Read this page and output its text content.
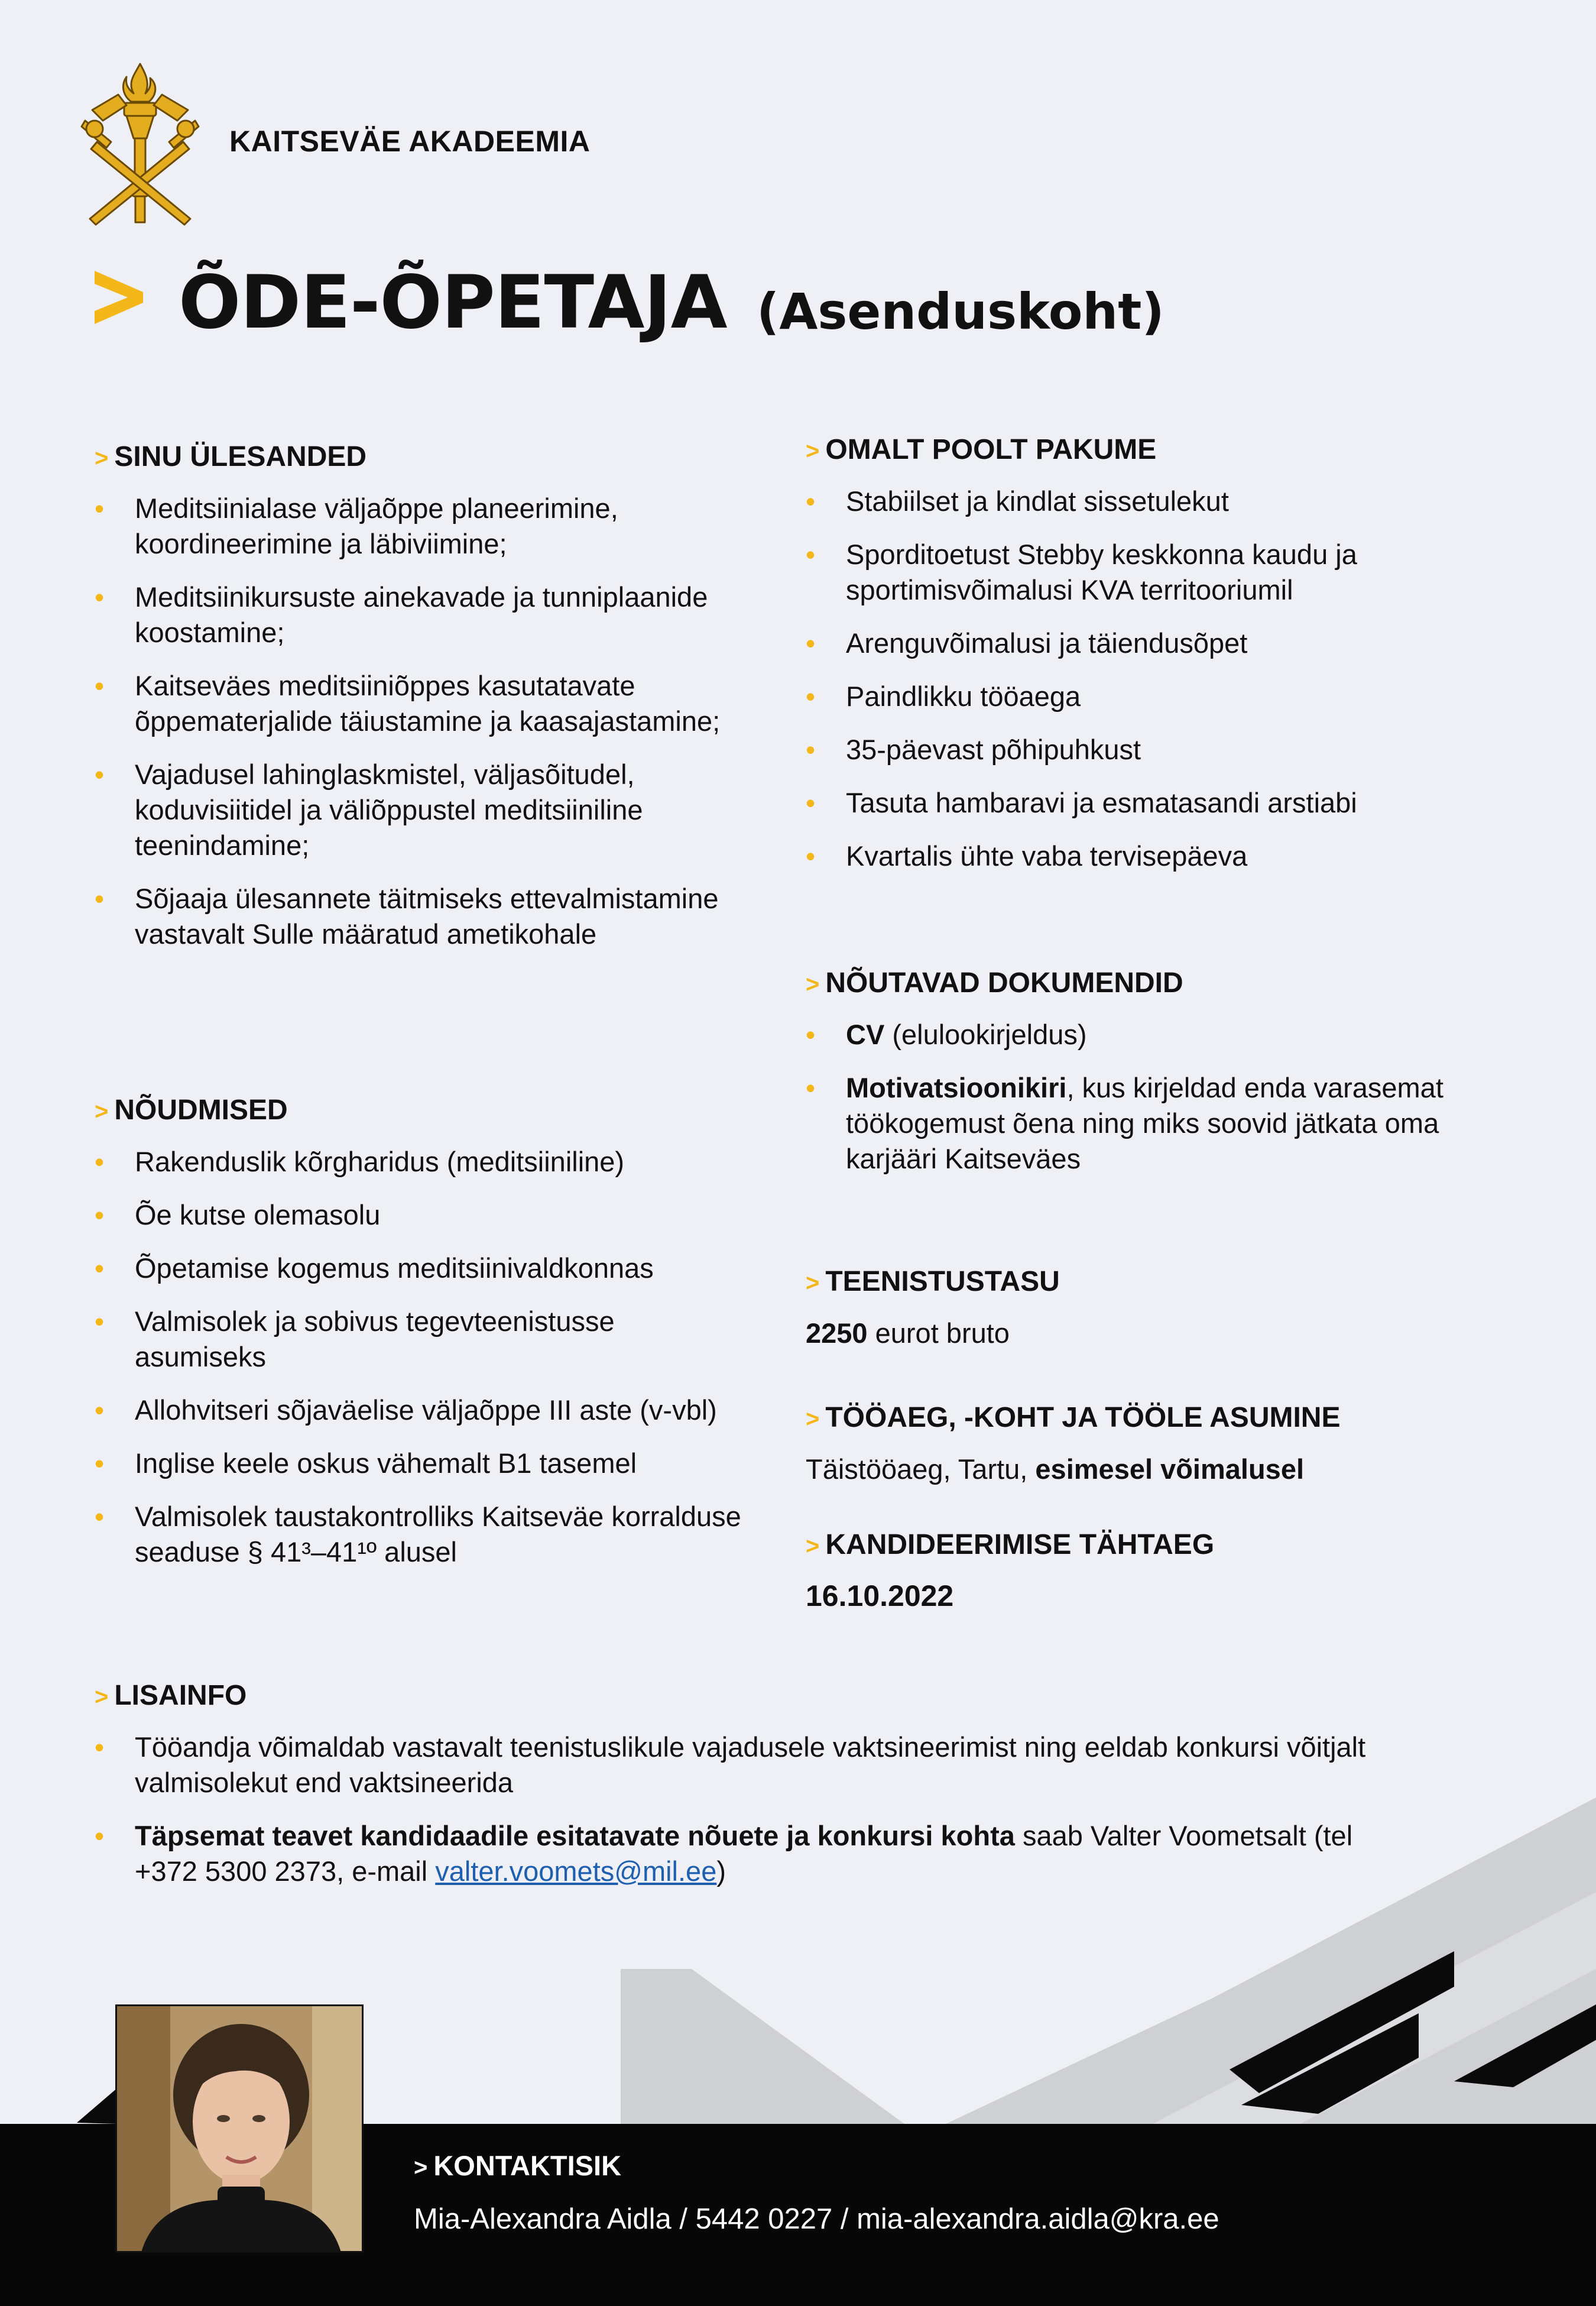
KAITSEVÄE AKADEEMIA
ÕDE-ÕPETAJA (Asenduskoht)
> SINU ÜLESANDED
• Meditsiinialase väljaõppe planeerimine, koordineerimine ja läbiviimine;
• Meditsiinikursuste ainekavade ja tunniplaanide koostamine;
• Kaitseväes meditsiiniõppes kasutatavate õppematerjalide täiustamine ja kaasajastamine;
• Vajadusel lahinglaskmistel, väljasõitudel, koduvisiitidel ja väliõppustel meditsiiniline teenindamine;
• Sõjaaja ülesannete täitmiseks ettevalmistamine vastavalt Sulle määratud ametikohale
> NÕUDMISED
• Rakenduslik kõrgharidus (meditsiiniline)
• Õe kutse olemasolu
• Õpetamise kogemus meditsiinivaldkonnas
• Valmisolek ja sobivus tegevteenistusse asumiseks
• Allohvitseri sõjaväelise väljaõppe III aste (v-vbl)
• Inglise keele oskus vähemalt B1 tasemel
• Valmisolek taustakontrolliks Kaitseväe korralduse seaduse § 41³–41¹º alusel
> OMALT POOLT PAKUME
• Stabiilset ja kindlat sissetulekut
• Sporditoetust Stebby keskkonna kaudu ja sportimisvõimalusi KVA territooriumil
• Arenguvõimalusi ja täiendusõpet
• Paindlikku tööaega
• 35-päevast põhipuhkust
• Tasuta hambaravi ja esmatasandi arstiabi
• Kvartalis ühte vaba tervisepäeva
> NÕUTAVAD DOKUMENDID
• CV (elulookirjeldus)
• Motivatsioonikiri, kus kirjeldad enda varasemat töökogemust õena ning miks soovid jätkata oma karjääri Kaitseväes
> TEENISTUSTASU
2250 eurot bruto
> TÖÖAEG, -KOHT JA TÖÖLE ASUMINE
Täistööaeg, Tartu, esimesel võimalusel
> KANDIDEERIMISE TÄHTAEG
16.10.2022
> LISAINFO
• Tööandja võimaldab vastavalt teenistuslikule vajadusele vaktsineerimist ning eeldab konkursi võitjalt valmisolekut end vaktsineerida
• Täpsemat teavet kandidaadile esitatavate nõuete ja konkursi kohta saab Valter Voometsalt (tel +372 5300 2373, e-mail valter.voomets@mil.ee)
> KONTAKTISIK
Mia-Alexandra Aidla / 5442 0227 / mia-alexandra.aidla@kra.ee
